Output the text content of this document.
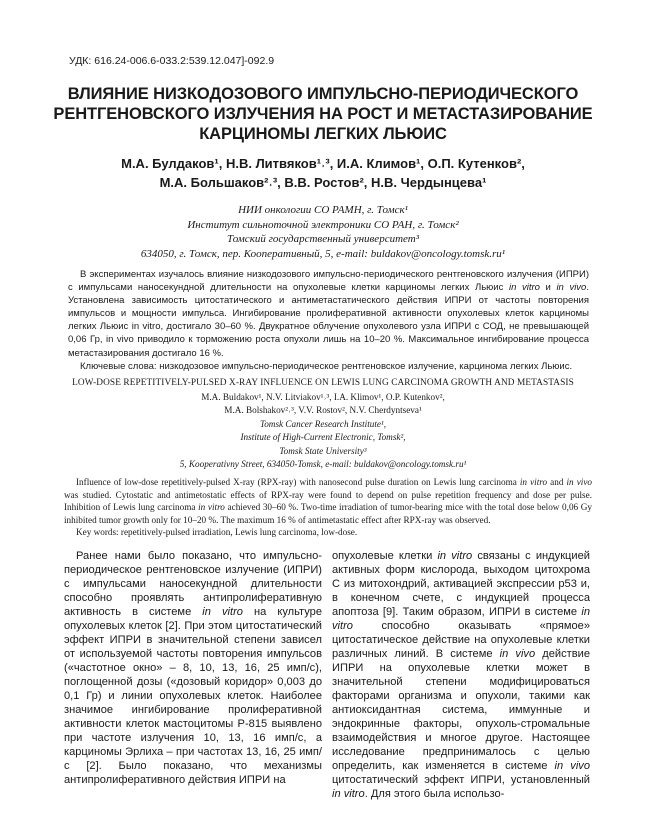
УДК: 616.24-006.6-033.2:539.12.047]-092.9
ВЛИЯНИЕ НИЗКОДОЗОВОГО ИМПУЛЬСНО-ПЕРИОДИЧЕСКОГО
РЕНТГЕНОВСКОГО ИЗЛУЧЕНИЯ НА РОСТ И МЕТАСТАЗИРОВАНИЕ
КАРЦИНОМЫ ЛЕГКИХ ЛЬЮИС
М.А. Булдаков¹, Н.В. Литвяков¹˒³, И.А. Климов¹, О.П. Кутенков²,
М.А. Большаков²˒³, В.В. Ростов², Н.В. Чердынцева¹
НИИ онкологии СО РАМН, г. Томск¹
Институт сильноточной электроники СО РАН, г. Томск²
Томский государственный университет³
634050, г. Томск, пер. Кооперативный, 5, e-mail: buldakov@oncology.tomsk.ru¹

В экспериментах изучалось влияние низкодозового импульсно-периодического рентгеновского излучения (ИПРИ) с импульсами наносекундной длительности на опухолевые клетки карциномы легких Льюис in vitro и in vivo. Установлена зависимость цитостатического и антиметастатического действия ИПРИ от частоты повторения импульсов и мощности импульса. Ингибирование пролиферативной активности опухолевых клеток карциномы легких Льюис in vitro, достигало 30–60 %. Двукратное облучение опухолевого узла ИПРИ с СОД, не превышающей 0,06 Гр, in vivo приводило к торможению роста опухоли лишь на 10–20 %. Максимальное ингибирование процесса метастазирования достигало 16 %.

Ключевые слова: низкодозовое импульсно-периодическое рентгеновское излучение, карцинома легких Льюис.

LOW-DOSE REPETITIVELY-PULSED X-RAY INFLUENCE ON LEWIS LUNG CARCINOMA GROWTH AND METASTASIS
M.A. Buldakov¹, N.V. Litviakov¹˒³, I.A. Klimov¹, O.P. Kutenkov²,
M.A. Bolshakov²˒³, V.V. Rostov², N.V. Cherdyntseva¹
Tomsk Cancer Research Institute¹,
Institute of High-Current Electronic, Tomsk²,
Tomsk State University³
5, Kooperativny Street, 634050-Tomsk, e-mail: buldakov@oncology.tomsk.ru¹

Influence of low-dose repetitively-pulsed X-ray (RPX-ray) with nanosecond pulse duration on Lewis lung carcinoma in vitro and in vivo was studied. Cytostatic and antimetostatic effects of RPX-ray were found to depend on pulse repetition frequency and dose per pulse. Inhibition of Lewis lung carcinoma in vitro achieved 30–60 %. Two-time irradiation of tumor-bearing mice with the total dose below 0,06 Gy inhibited tumor growth only for 10–20 %. The maximum 16 % of antimetastatic effect after RPX-ray was observed.

Key words: repetitively-pulsed irradiation, Lewis lung carcinoma, low-dose.

Ранее нами было показано, что импульсно-периодическое рентгеновское излучение (ИПРИ) с импульсами наносекундной длительности способно проявлять антипролиферативную активность в системе in vitro на культуре опухолевых клеток [2]. При этом цитостатический эффект ИПРИ в значительной степени зависел от используемой частоты повторения импульсов («частотное окно» – 8, 10, 13, 16, 25 имп/с), поглощенной дозы («дозовый коридор» 0,003 до 0,1 Гр) и линии опухолевых клеток. Наиболее значимое ингибирование пролиферативной активности клеток мастоцитомы Р-815 выявлено при частоте излучения 10, 13, 16 имп/с, а карциномы Эрлиха – при частотах 13, 16, 25 имп/с [2]. Было показано, что механизмы антипролиферативного действия ИПРИ на

опухолевые клетки in vitro связаны с индукцией активных форм кислорода, выходом цитохрома С из митохондрий, активацией экспрессии p53 и, в конечном счете, с индукцией процесса апоптоза [9]. Таким образом, ИПРИ в системе in vitro способно оказывать «прямое» цитостатическое действие на опухолевые клетки различных линий. В системе in vivo действие ИПРИ на опухолевые клетки может в значительной степени модифицироваться факторами организма и опухоли, такими как антиоксидантная система, иммунные и эндокринные факторы, опухоль-стромальные взаимодействия и многое другое. Настоящее исследование предпринималось с целью определить, как изменяется в системе in vivo цитостатический эффект ИПРИ, установленный in vitro. Для этого была использо-
